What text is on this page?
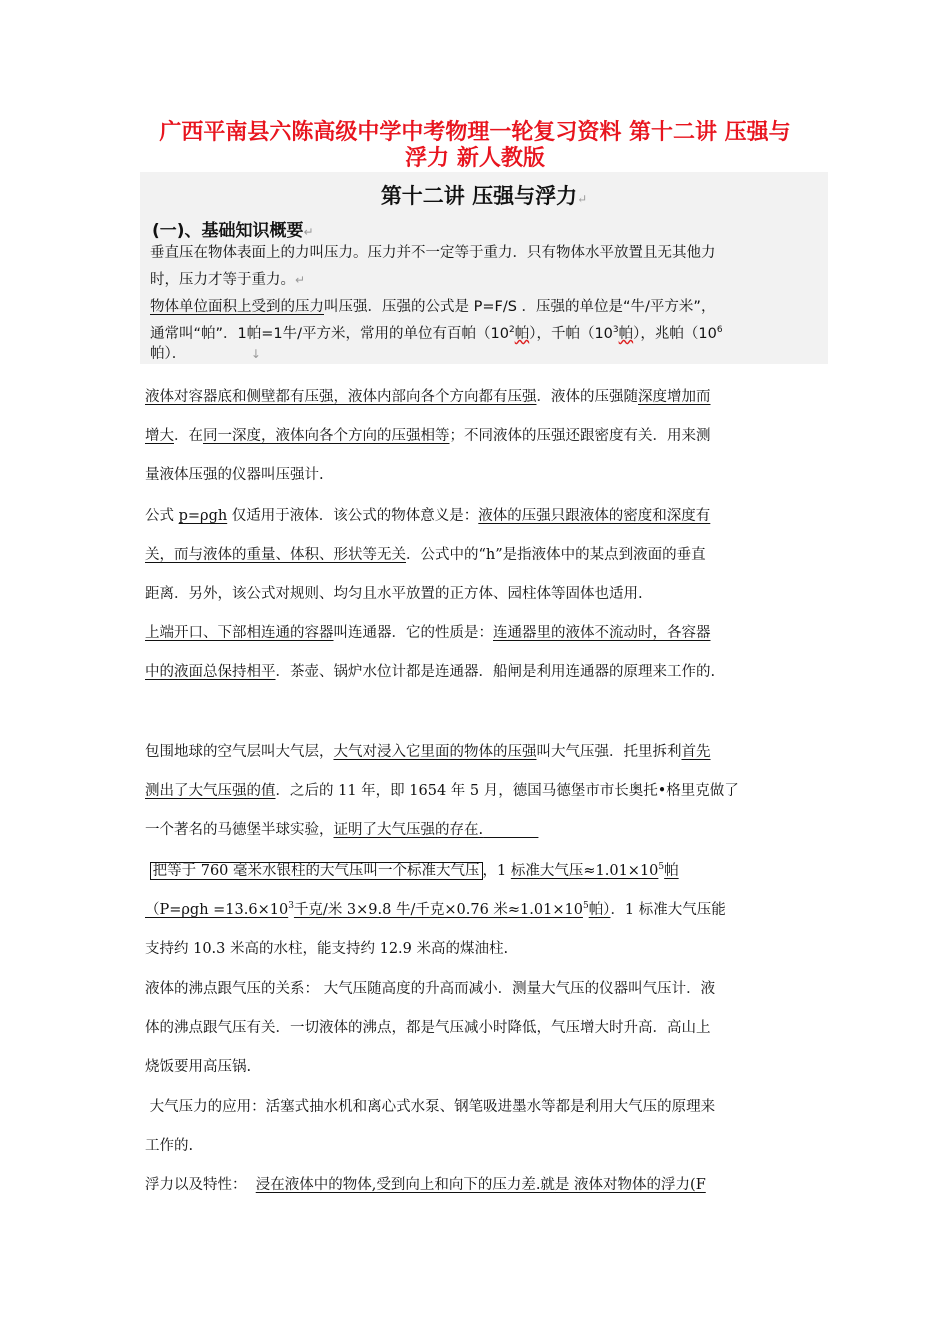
广西平南县六陈高级中学中考物理一轮复习资料 第十二讲 压强与
浮力 新人教版
第十二讲 压强与浮力↵
(一)、基础知识概要↵
垂直压在物体表面上的力叫压力。压力并不一定等于重力．只有物体水平放置且无其他力
时，压力才等于重力。↵
物体单位面积上受到的压力叫压强．压强的公式是 P=F/S ．压强的单位是“牛/平方米”，
通常叫“帕”．1帕=1牛/平方米，常用的单位有百帕（$10^2$帕），千帕（$10^3$帕），兆帕（$10^6$
帕）．	↓
液体对容器底和侧壁都有压强，液体内部向各个方向都有压强．液体的压强随深度增加而
增大．在同一深度，液体向各个方向的压强相等；不同液体的压强还跟密度有关．用来测
量液体压强的仪器叫压强计.
公式 p=ρgh 仅适用于液体．该公式的物体意义是：液体的压强只跟液体的密度和深度有
关，而与液体的重量、体积、形状等无关．公式中的“h”是指液体中的某点到液面的垂直
距离．另外，该公式对规则、均匀且水平放置的正方体、园柱体等固体也适用.
上端开口、下部相连通的容器叫连通器．它的性质是：连通器里的液体不流动时，各容器
中的液面总保持相平．茶壶、锅炉水位计都是连通器．船闸是利用连通器的原理来工作的.
包围地球的空气层叫大气层，大气对浸入它里面的物体的压强叫大气压强．托里拆利首先
测出了大气压强的值．之后的 11 年，即 1654 年 5 月，德国马德堡市市长奥托•格里克做了
一个著名的马德堡半球实验，证明了大气压强的存在.
把等于 760 毫米水银柱的大气压叫一个标准大气压 ，1 标准大气压$\approx 1.01\times 10^5$帕
（$P=\rho gh =13.6\times 10^3$千克/米 3×9.8 牛/千克×0.76 米$\approx 1.01\times 10^5$帕）．1 标准大气压能
支持约 10.3 米高的水柱，能支持约 12.9 米高的煤油柱.
液体的沸点跟气压的关系： 大气压随高度的升高而减小．测量大气压的仪器叫气压计．液
体的沸点跟气压有关．一切液体的沸点，都是气压减小时降低，气压增大时升高．高山上
烧饭要用高压锅.
大气压力的应用：活塞式抽水机和离心式水泵、钢笔吸进墨水等都是利用大气压的原理来
工作的.
浮力以及特性：  浸在液体中的物体,受到向上和向下的压力差.就是 液体对物体的浮力(F
